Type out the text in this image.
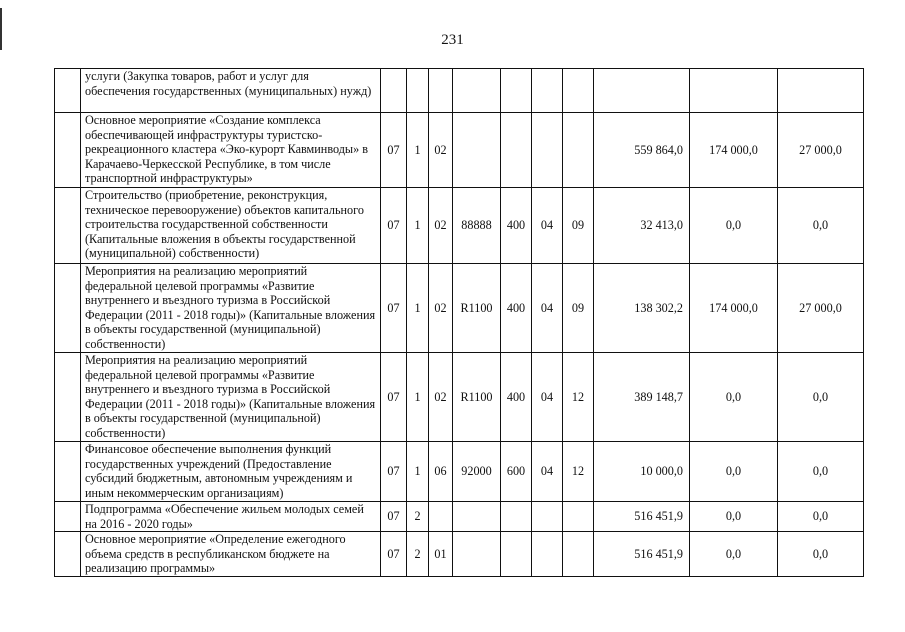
231
	услуги (Закупка товаров, работ и услуг для обеспечения государственных (муниципальных) нужд)										
	Основное мероприятие «Создание комплекса обеспечивающей инфраструктуры туристско-рекреационного кластера «Эко-курорт Кавминводы» в Карачаево-Черкесской Республике, в том числе транспортной инфраструктуры»	07	1	02					559 864,0	174 000,0	27 000,0
	Строительство (приобретение, реконструкция, техническое перевооружение) объектов капитального строительства государственной собственности (Капитальные вложения в объекты государственной (муниципальной) собственности)	07	1	02	88888	400	04	09	32 413,0	0,0	0,0
	Мероприятия на реализацию мероприятий федеральной целевой программы «Развитие внутреннего и въездного туризма в Российской Федерации (2011 - 2018 годы)» (Капитальные вложения в объекты государственной (муниципальной) собственности)	07	1	02	R1100	400	04	09	138 302,2	174 000,0	27 000,0
	Мероприятия на реализацию мероприятий федеральной целевой программы «Развитие внутреннего и въездного туризма в Российской Федерации (2011 - 2018 годы)» (Капитальные вложения в объекты государственной (муниципальной) собственности)	07	1	02	R1100	400	04	12	389 148,7	0,0	0,0
	Финансовое обеспечение выполнения функций государственных учреждений (Предоставление субсидий бюджетным, автономным учреждениям и иным некоммерческим организациям)	07	1	06	92000	600	04	12	10 000,0	0,0	0,0
	Подпрограмма «Обеспечение жильем молодых семей на 2016 - 2020 годы»	07	2						516 451,9	0,0	0,0
	Основное мероприятие «Определение ежегодного объема средств в республиканском бюджете на реализацию программы»	07	2	01					516 451,9	0,0	0,0
